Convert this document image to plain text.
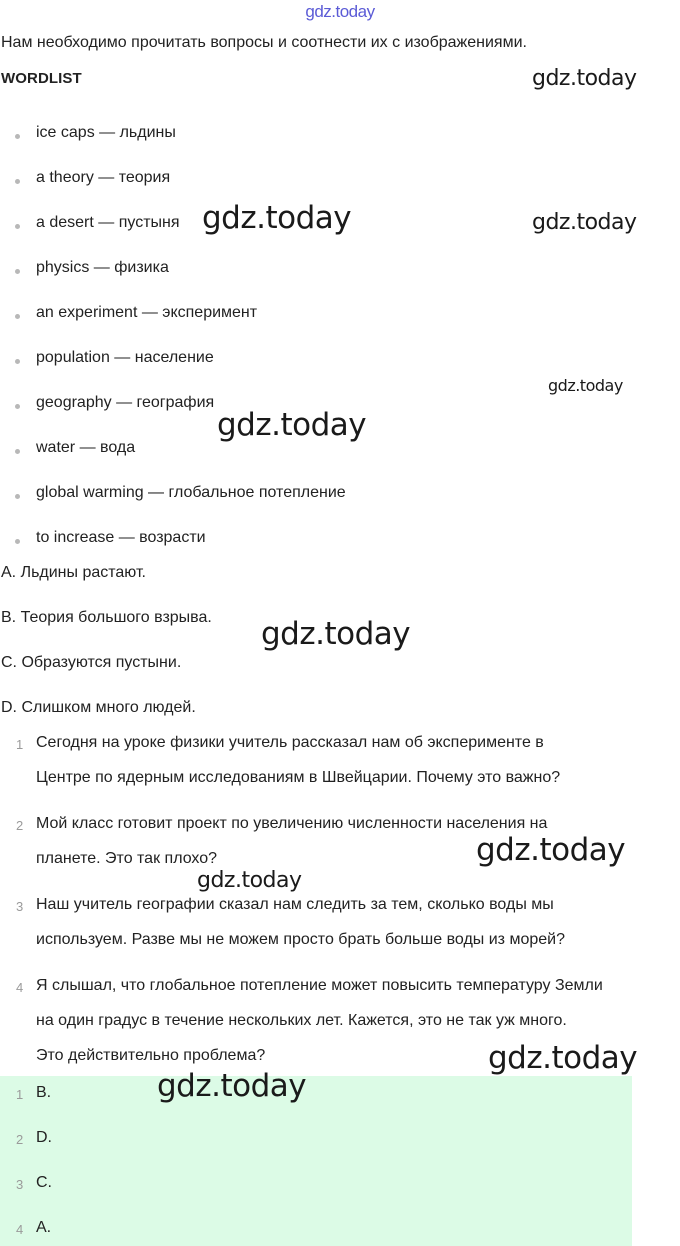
gdz.today
Нам необходимо прочитать вопросы и соотнести их с изображениями.
WORDLIST
ice caps — льдины
a theory — теория
a desert — пустыня
physics — физика
an experiment — эксперимент
population — население
geography — география
water — вода
global warming — глобальное потепление
to increase — возрасти
A. Льдины растают.
B. Теория большого взрыва.
C. Образуются пустыни.
D. Слишком много людей.
1 Сегодня на уроке физики учитель рассказал нам об эксперименте в
Центре по ядерным исследованиям в Швейцарии. Почему это важно?
2 Мой класс готовит проект по увеличению численности населения на
планете. Это так плохо?
3 Наш учитель географии сказал нам следить за тем, сколько воды мы
используем. Разве мы не можем просто брать больше воды из морей?
4 Я слышал, что глобальное потепление может повысить температуру Земли
на один градус в течение нескольких лет. Кажется, это не так уж много.
Это действительно проблема?
1 B.
2 D.
3 C.
4 A.
gdz.today
gdz.today	gdz.today
gdz.today
gdz.today
gdz.today
gdz.today
gdz.today
gdz.today
gdz.today
